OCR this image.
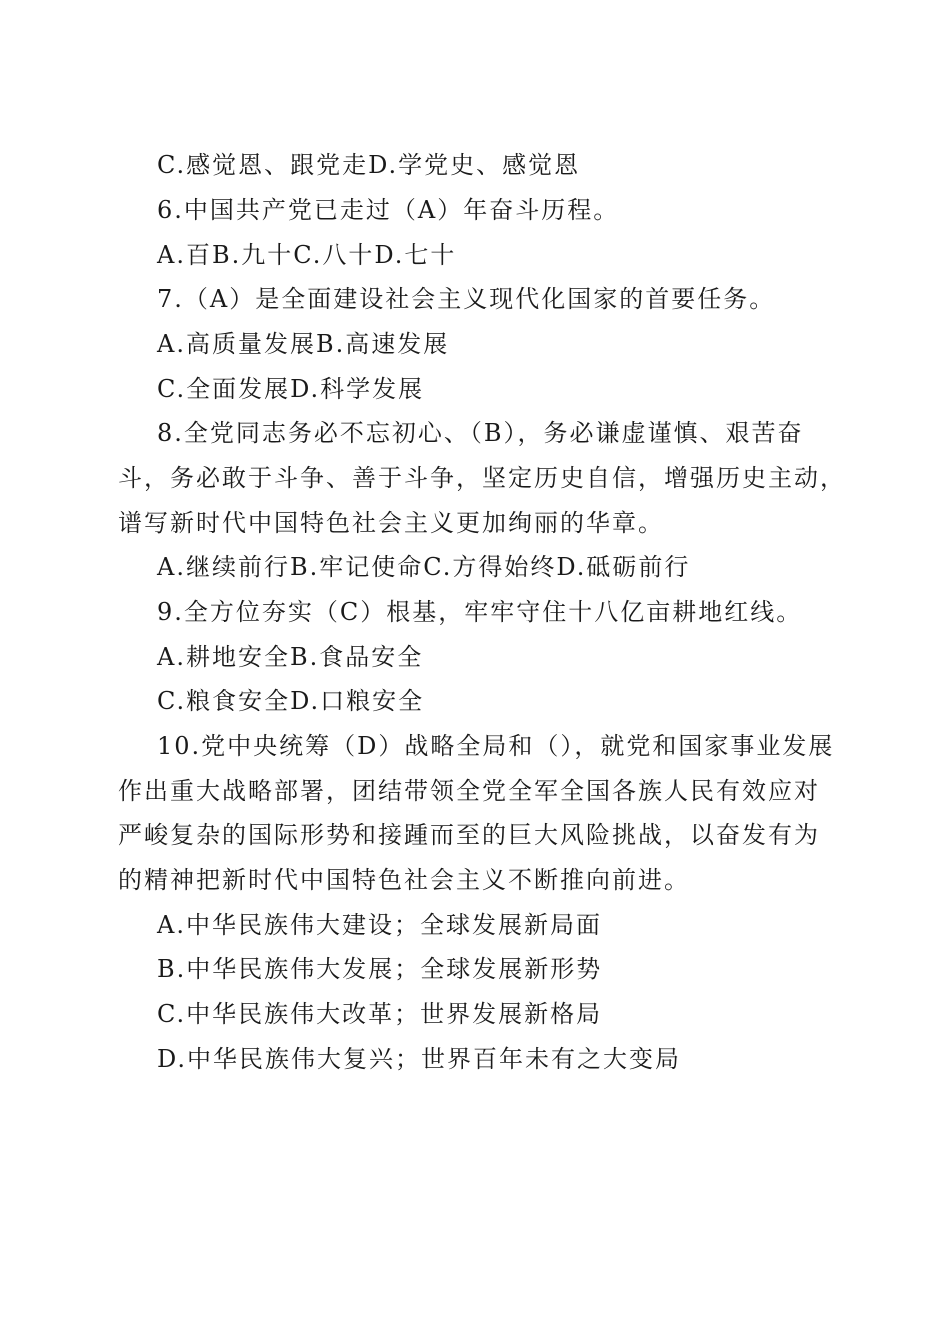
C.感觉恩、跟党走D.学党史、感觉恩
6.中国共产党已走过（A）年奋斗历程。
A.百B.九十C.八十D.七十
7.（A）是全面建设社会主义现代化国家的首要任务。
A.高质量发展B.高速发展
C.全面发展D.科学发展
8.全党同志务必不忘初心、（B），务必谦虚谨慎、艰苦奋
斗，务必敢于斗争、善于斗争，坚定历史自信，增强历史主动，
谱写新时代中国特色社会主义更加绚丽的华章。
A.继续前行B.牢记使命C.方得始终D.砥砺前行
9.全方位夯实（C）根基，牢牢守住十八亿亩耕地红线。
A.耕地安全B.食品安全
C.粮食安全D.口粮安全
10.党中央统筹（D）战略全局和（），就党和国家事业发展
作出重大战略部署，团结带领全党全军全国各族人民有效应对
严峻复杂的国际形势和接踵而至的巨大风险挑战，以奋发有为
的精神把新时代中国特色社会主义不断推向前进。
A.中华民族伟大建设；全球发展新局面
B.中华民族伟大发展；全球发展新形势
C.中华民族伟大改革；世界发展新格局
D.中华民族伟大复兴；世界百年未有之大变局
